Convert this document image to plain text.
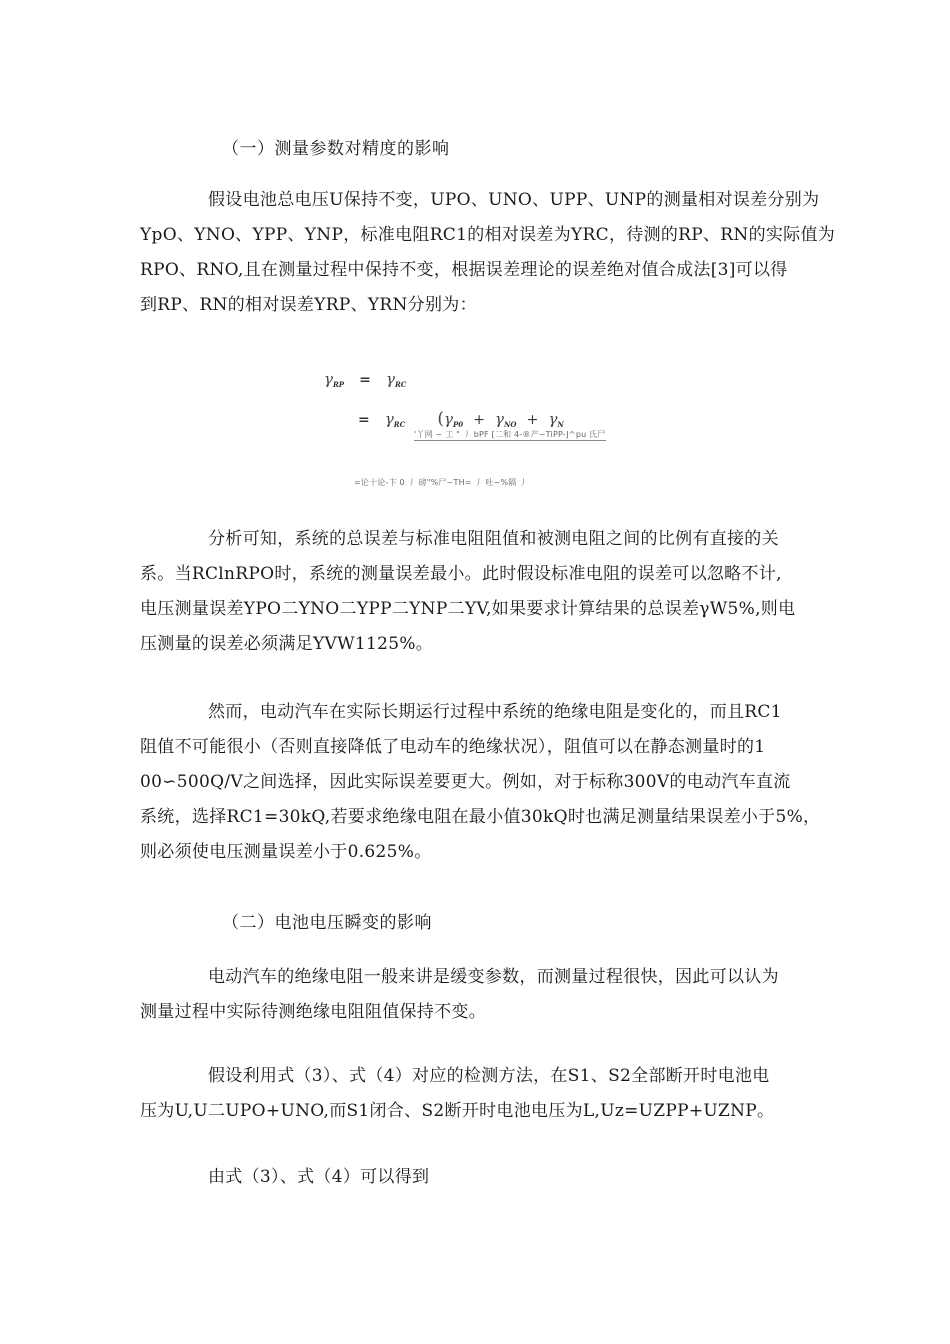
（一）测量参数对精度的影响
假设电池总电压U保持不变，UPO、UNO、UPP、UNP的测量相对误差分别为
YpO、YNO、YPP、YNP，标准电阻RC1的相对误差为YRC，待测的RP、RN的实际值为
RPO、RNO,且在测量过程中保持不变，根据误差理论的误差绝对值合成法[3]可以得
到RP、RN的相对误差YRP、YRN分别为：
γRP = γRC
= γRC (γP0 + γNO + γN
'丫网 ~ 工 " 丿 bPF [二和 4-®产~TiPP-J^pu 氏尸
=论十论-卞 0 丿 磅"%尸~TH= 丿 吐~%隔 丿
分析可知，系统的总误差与标准电阻阻值和被测电阻之间的比例有直接的关
系。当RClnRPO时，系统的测量误差最小。此时假设标准电阻的误差可以忽略不计,
电压测量误差YPO二YNO二YPP二YNP二YV,如果要求计算结果的总误差γW5%,则电
压测量的误差必须满足YVW1125%。
然而，电动汽车在实际长期运行过程中系统的绝缘电阻是变化的，而且RC1
阻值不可能很小（否则直接降低了电动车的绝缘状况），阻值可以在静态测量时的1
00∽500Q/V之间选择，因此实际误差要更大。例如，对于标称300V的电动汽车直流
系统，选择RC1=30kQ,若要求绝缘电阻在最小值30kQ时也满足测量结果误差小于5%，
则必须使电压测量误差小于0.625%。
（二）电池电压瞬变的影响
电动汽车的绝缘电阻一般来讲是缓变参数，而测量过程很快，因此可以认为
测量过程中实际待测绝缘电阻阻值保持不变。
假设利用式（3）、式（4）对应的检测方法，在S1、S2全部断开时电池电
压为U,U二UPO+UNO,而S1闭合、S2断开时电池电压为L,Uz=UZPP+UZNP。
由式（3）、式（4）可以得到
